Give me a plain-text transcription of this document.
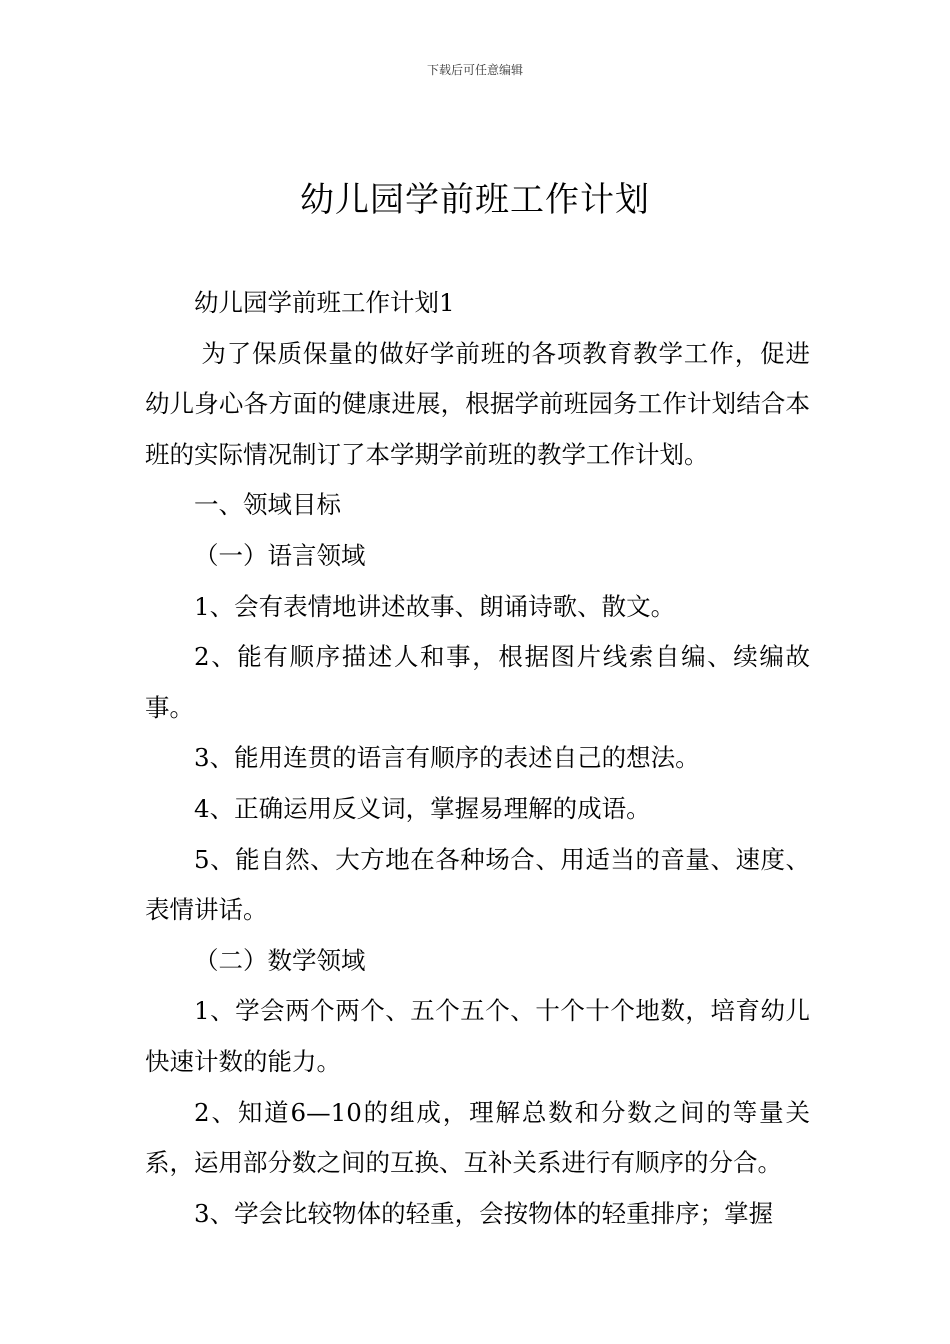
下载后可任意编辑
幼儿园学前班工作计划

幼儿园学前班工作计划1

为了保质保量的做好学前班的各项教育教学工作，促进幼儿身心各方面的健康进展，根据学前班园务工作计划结合本班的实际情况制订了本学期学前班的教学工作计划。

一、领域目标

（一）语言领域

1、会有表情地讲述故事、朗诵诗歌、散文。

2、能有顺序描述人和事，根据图片线索自编、续编故事。

3、能用连贯的语言有顺序的表述自己的想法。

4、正确运用反义词，掌握易理解的成语。

5、能自然、大方地在各种场合、用适当的音量、速度、表情讲话。

（二）数学领域

1、学会两个两个、五个五个、十个十个地数，培育幼儿快速计数的能力。

2、知道6—10的组成，理解总数和分数之间的等量关系，运用部分数之间的互换、互补关系进行有顺序的分合。

3、学会比较物体的轻重，会按物体的轻重排序；掌握
